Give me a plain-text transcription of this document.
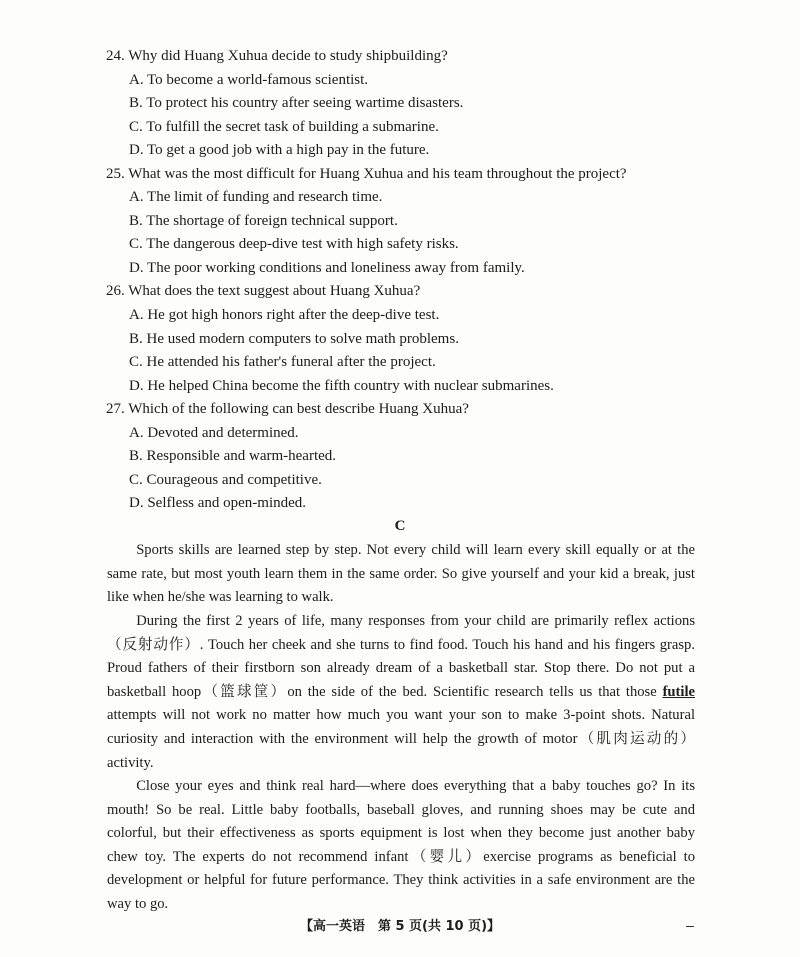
24. Why did Huang Xuhua decide to study shipbuilding?
A. To become a world-famous scientist.
B. To protect his country after seeing wartime disasters.
C. To fulfill the secret task of building a submarine.
D. To get a good job with a high pay in the future.
25. What was the most difficult for Huang Xuhua and his team throughout the project?
A. The limit of funding and research time.
B. The shortage of foreign technical support.
C. The dangerous deep-dive test with high safety risks.
D. The poor working conditions and loneliness away from family.
26. What does the text suggest about Huang Xuhua?
A. He got high honors right after the deep-dive test.
B. He used modern computers to solve math problems.
C. He attended his father's funeral after the project.
D. He helped China become the fifth country with nuclear submarines.
27. Which of the following can best describe Huang Xuhua?
A. Devoted and determined.
B. Responsible and warm-hearted.
C. Courageous and competitive.
D. Selfless and open-minded.
C

Sports skills are learned step by step. Not every child will learn every skill equally or at the same rate, but most youth learn them in the same order. So give yourself and your kid a break, just like when he/she was learning to walk.

During the first 2 years of life, many responses from your child are primarily reflex actions（反射动作）. Touch her cheek and she turns to find food. Touch his hand and his fingers grasp. Proud fathers of their firstborn son already dream of a basketball star. Stop there. Do not put a basketball hoop（篮球筐）on the side of the bed. Scientific research tells us that those futile attempts will not work no matter how much you want your son to make 3-point shots. Natural curiosity and interaction with the environment will help the growth of motor（肌肉运动的）activity.

Close your eyes and think real hard—where does everything that a baby touches go? In its mouth! So be real. Little baby footballs, baseball gloves, and running shoes may be cute and colorful, but their effectiveness as sports equipment is lost when they become just another baby chew toy. The experts do not recommend infant（婴儿）exercise programs as beneficial to development or helpful for future performance. They think activities in a safe environment are the way to go.

【高一英语　第 5 页(共 10 页)】
